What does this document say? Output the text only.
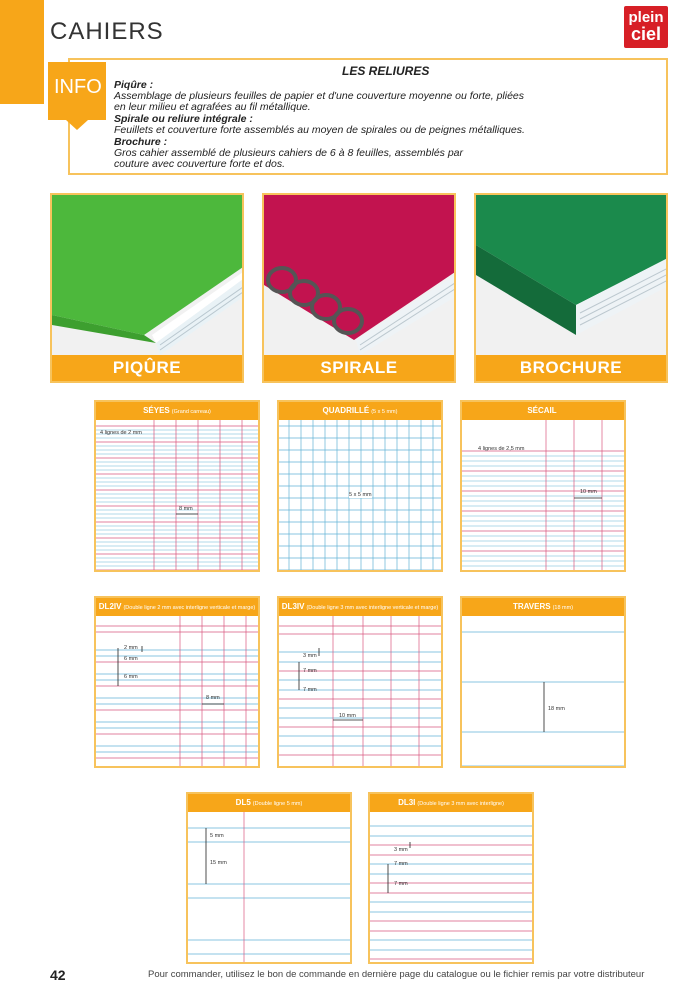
CAHIERS
plein
ciel
INFO
LES RELIURES
Piqûre :
Assemblage de plusieurs feuilles de papier et d'une couverture moyenne ou forte, pliées en leur milieu et agrafées au fil métallique.
Spirale ou reliure intégrale :
Feuillets et couverture forte assemblés au moyen de spirales ou de peignes métalliques.
Brochure :
Gros cahier assemblé de plusieurs cahiers de 6 à 8 feuilles, assemblés par couture avec couverture forte et dos.
PIQÛRE	SPIRALE	BROCHURE
SÉYES (Grand carreau)
4 lignes de 2 mm
8 mm
QUADRILLÉ (5 x 5 mm)
5 x 5 mm
SÉCAIL
4 lignes de 2,5 mm
10 mm
DL2IV (Double ligne 2 mm avec interligne verticale et marge)
2 mm
6 mm
6 mm
8 mm
DL3IV (Double ligne 3 mm avec interligne verticale et marge)
3 mm
7 mm
7 mm
10 mm
TRAVERS (18 mm)
18 mm
DL5 (Double ligne 5 mm)
5 mm
15 mm
DL3I (Double ligne 3 mm avec interligne)
3 mm
7 mm
7 mm
42	Pour commander, utilisez le bon de commande en dernière page du catalogue ou le fichier remis par votre distributeur
